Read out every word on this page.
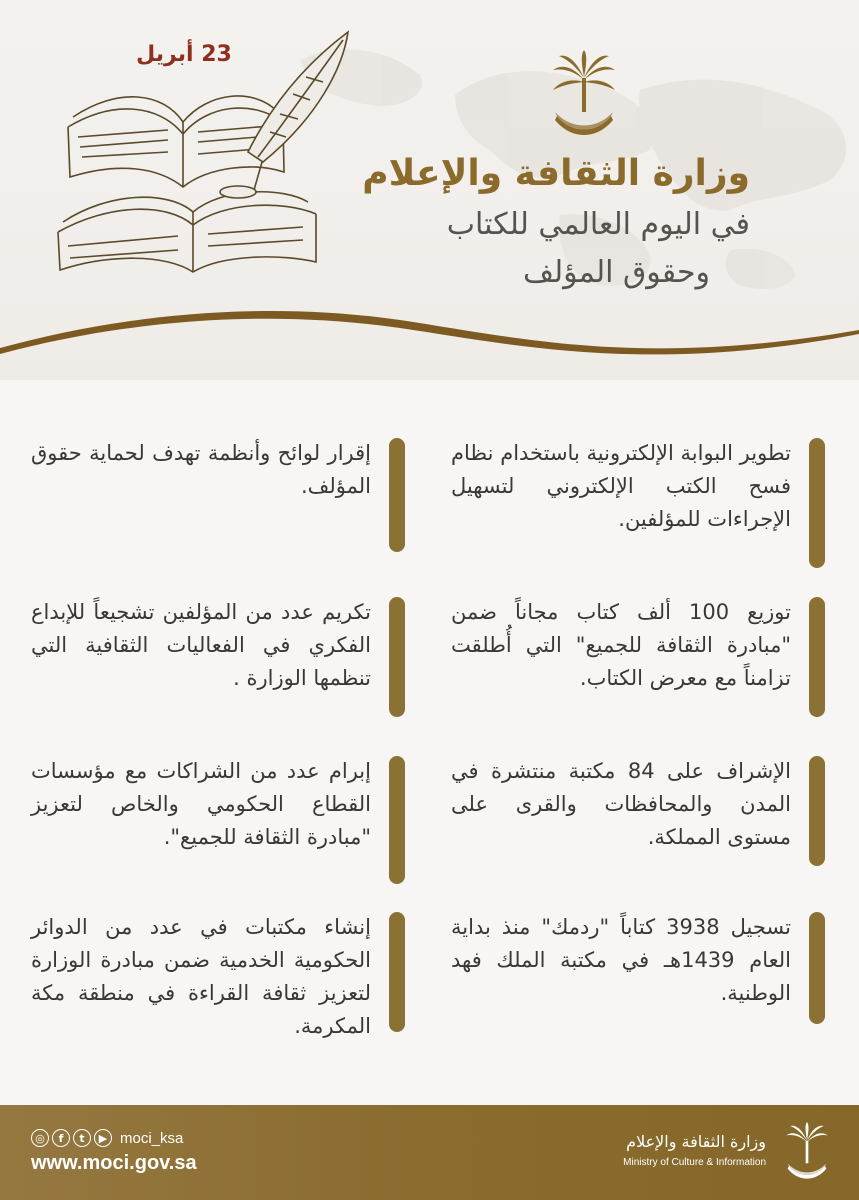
23 أبريل
وزارة الثقافة والإعلام
في اليوم العالمي للكتاب
وحقوق المؤلف
تطوير البوابة الإلكترونية باستخدام نظام فسح الكتب الإلكتروني لتسهيل الإجراءات للمؤلفين.
توزيع 100 ألف كتاب مجاناً ضمن "مبادرة الثقافة للجميع" التي أُطلقت تزامناً مع معرض الكتاب.
الإشراف على 84 مكتبة منتشرة في المدن والمحافظات والقرى على مستوى المملكة.
تسجيل 3938 كتاباً "ردمك" منذ بداية العام 1439هـ في مكتبة الملك فهد الوطنية.
إقرار لوائح وأنظمة تهدف لحماية حقوق المؤلف.
تكريم عدد من المؤلفين تشجيعاً للإبداع الفكري في الفعاليات الثقافية التي تنظمها الوزارة .
إبرام عدد من الشراكات مع مؤسسات القطاع الحكومي والخاص لتعزيز "مبادرة الثقافة للجميع".
إنشاء مكتبات في عدد من الدوائر الحكومية الخدمية ضمن مبادرة الوزارة لتعزيز ثقافة القراءة في منطقة مكة المكرمة.
◎	f	t	▶ moci_ksa
www.moci.gov.sa
وزارة الثقافة والإعلام
Ministry of Culture & Information
